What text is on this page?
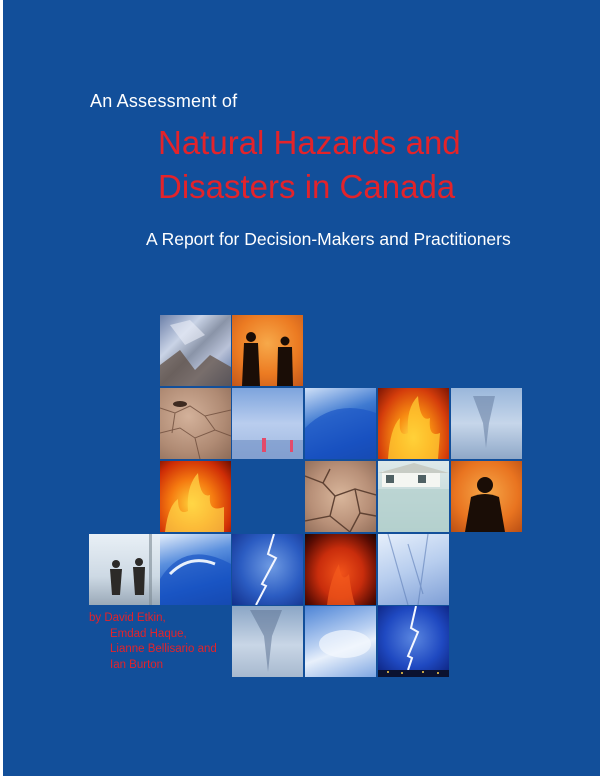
An Assessment of
Natural Hazards and
Disasters in Canada
A Report for Decision-Makers and Practitioners
by David Etkin,
Emdad Haque,
Lianne Bellisario and
Ian Burton
